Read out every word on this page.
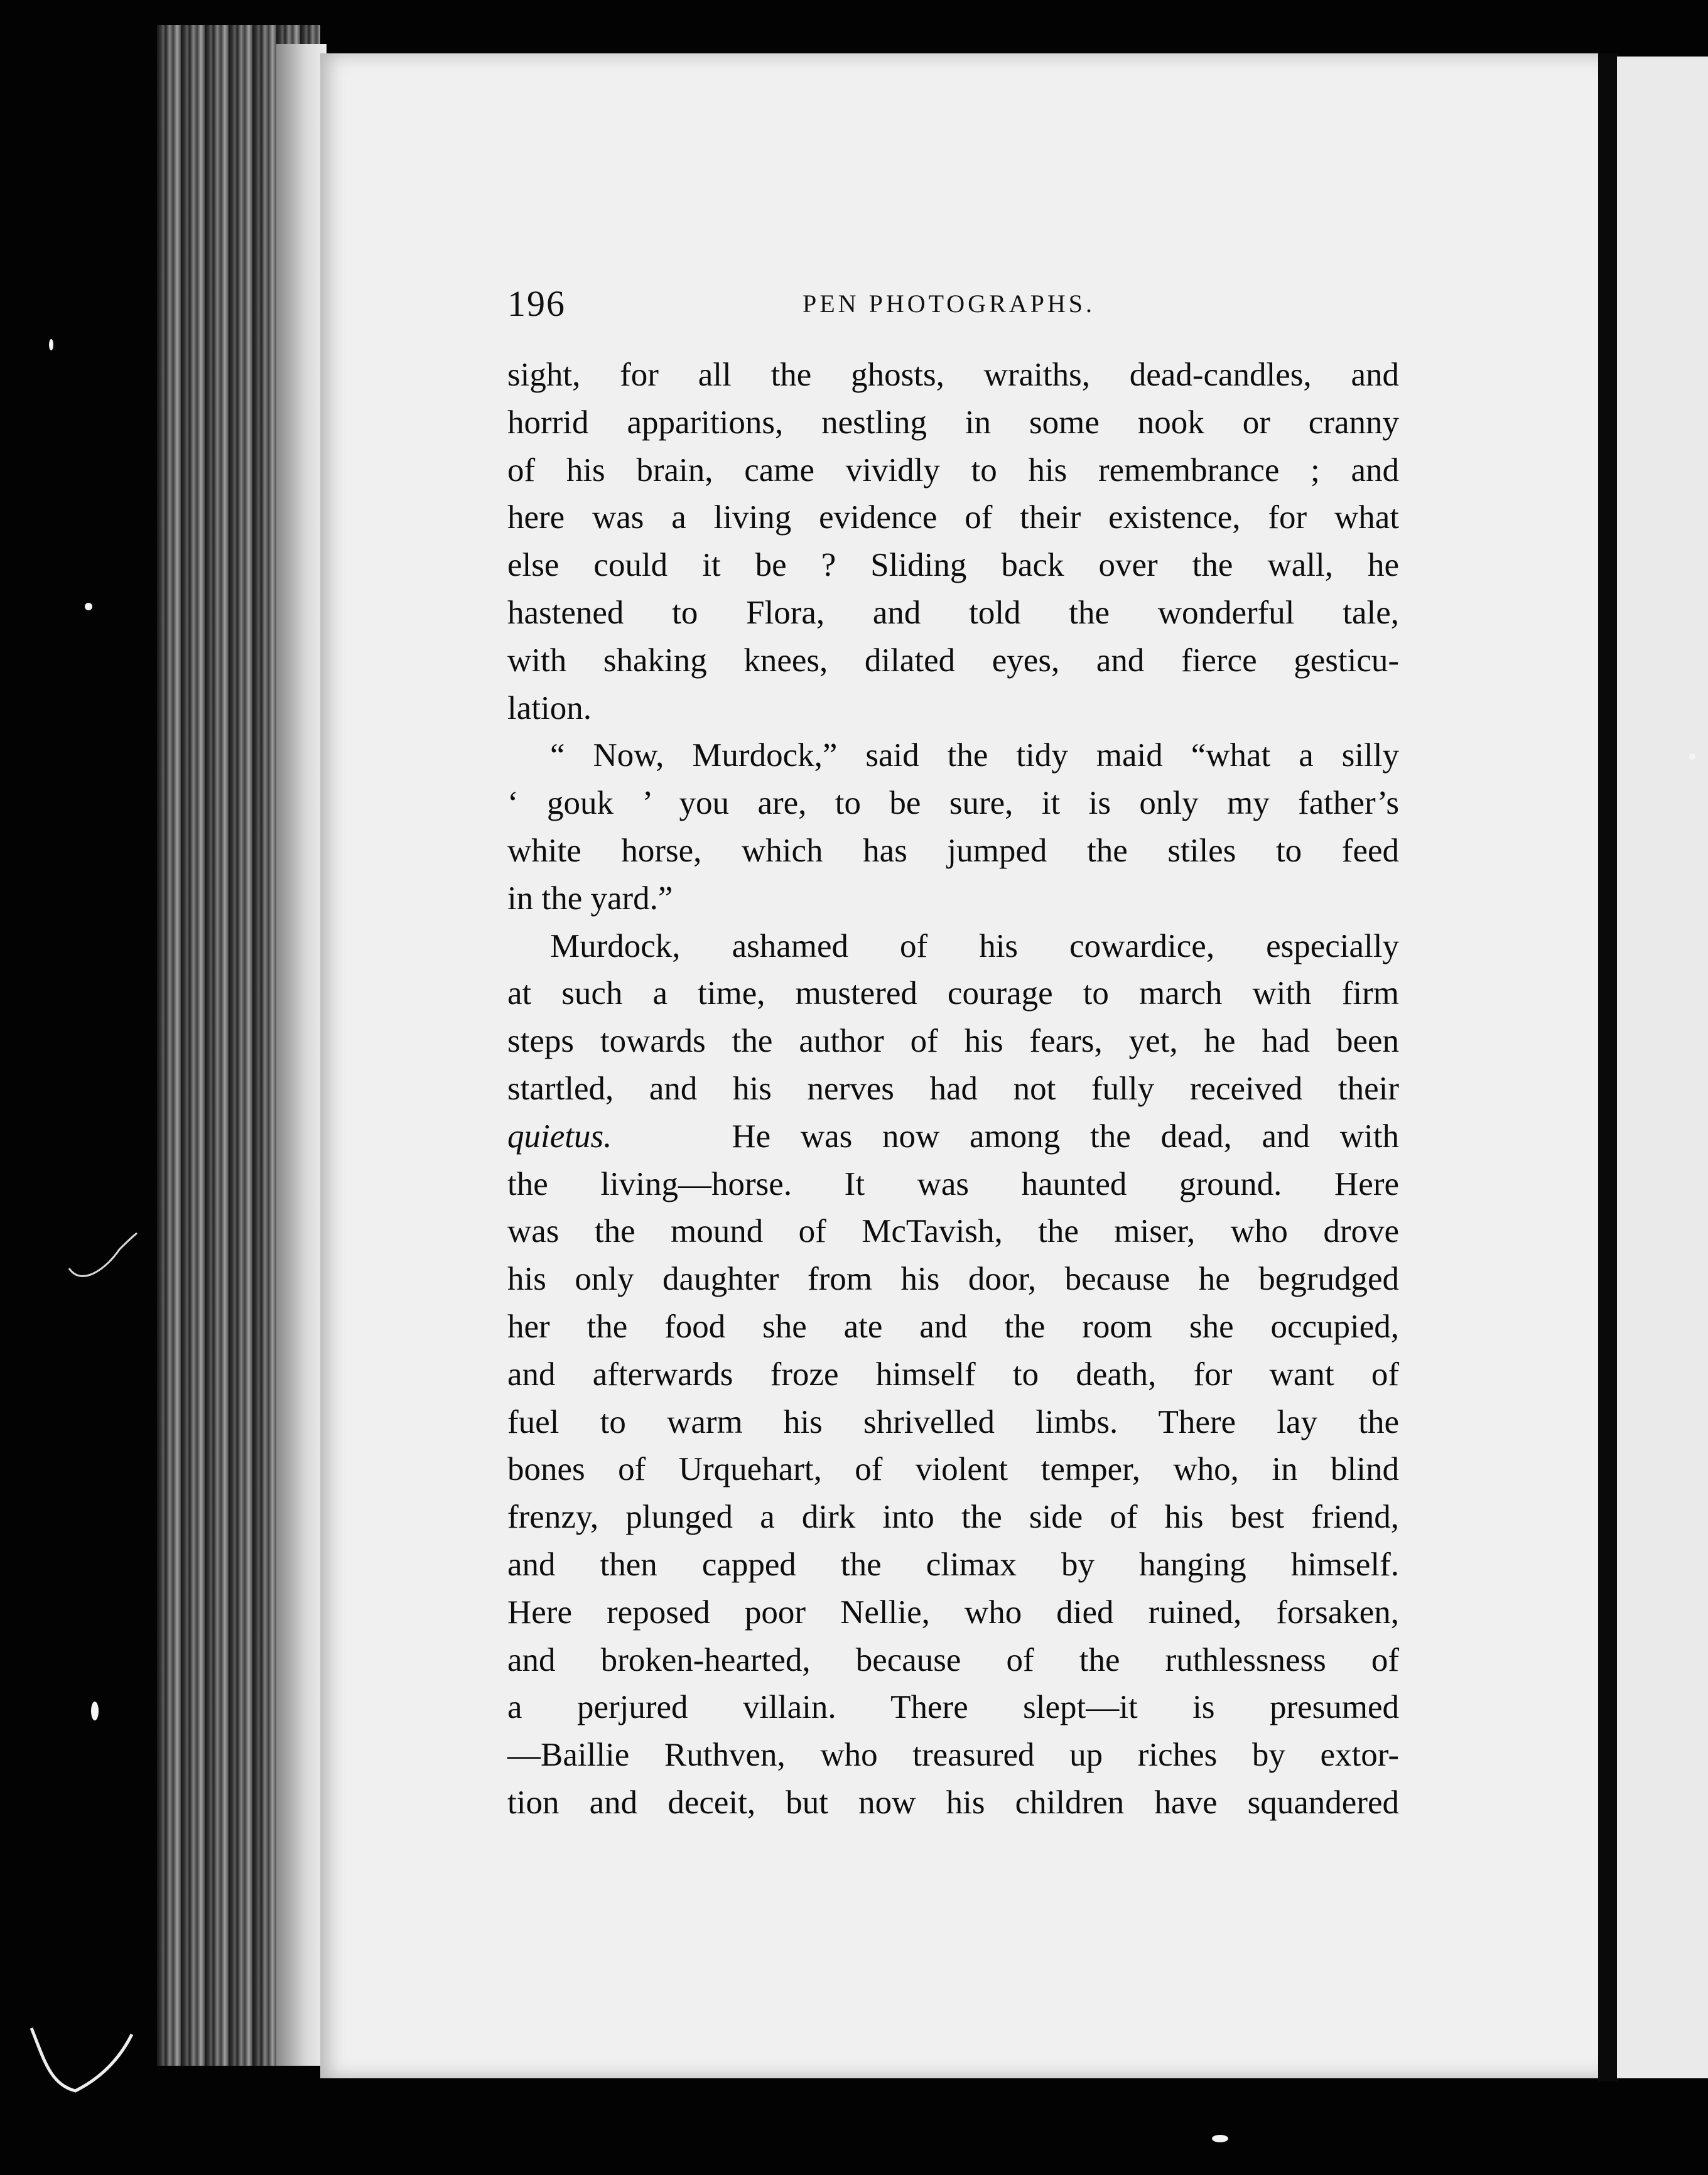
196	PEN PHOTOGRAPHS.
sight, for all the ghosts, wraiths, dead-candles, and
horrid apparitions, nestling in some nook or cranny
of his brain, came vividly to his remembrance ; and
here was a living evidence of their existence, for what
else could it be ? Sliding back over the wall, he
hastened to Flora, and told the wonderful tale,
with shaking knees, dilated eyes, and fierce gesticu-
lation.
“ Now, Murdock,” said the tidy maid “what a silly
‘ gouk ’ you are, to be sure, it is only my father’s
white horse, which has jumped the stiles to feed
in the yard.”
Murdock, ashamed of his cowardice, especially
at such a time, mustered courage to march with firm
steps towards the author of his fears, yet, he had been
startled, and his nerves had not fully received their
quietus.	He was now among the dead, and with
the living—horse. It was haunted ground. Here
was the mound of McTavish, the miser, who drove
his only daughter from his door, because he begrudged
her the food she ate and the room she occupied,
and afterwards froze himself to death, for want of
fuel to warm his shrivelled limbs. There lay the
bones of Urquehart, of violent temper, who, in blind
frenzy, plunged a dirk into the side of his best friend,
and then capped the climax by hanging himself.
Here reposed poor Nellie, who died ruined, forsaken,
and broken-hearted, because of the ruthlessness of
a perjured villain. There slept—it is presumed
—Baillie Ruthven, who treasured up riches by extor-
tion and deceit, but now his children have squandered
